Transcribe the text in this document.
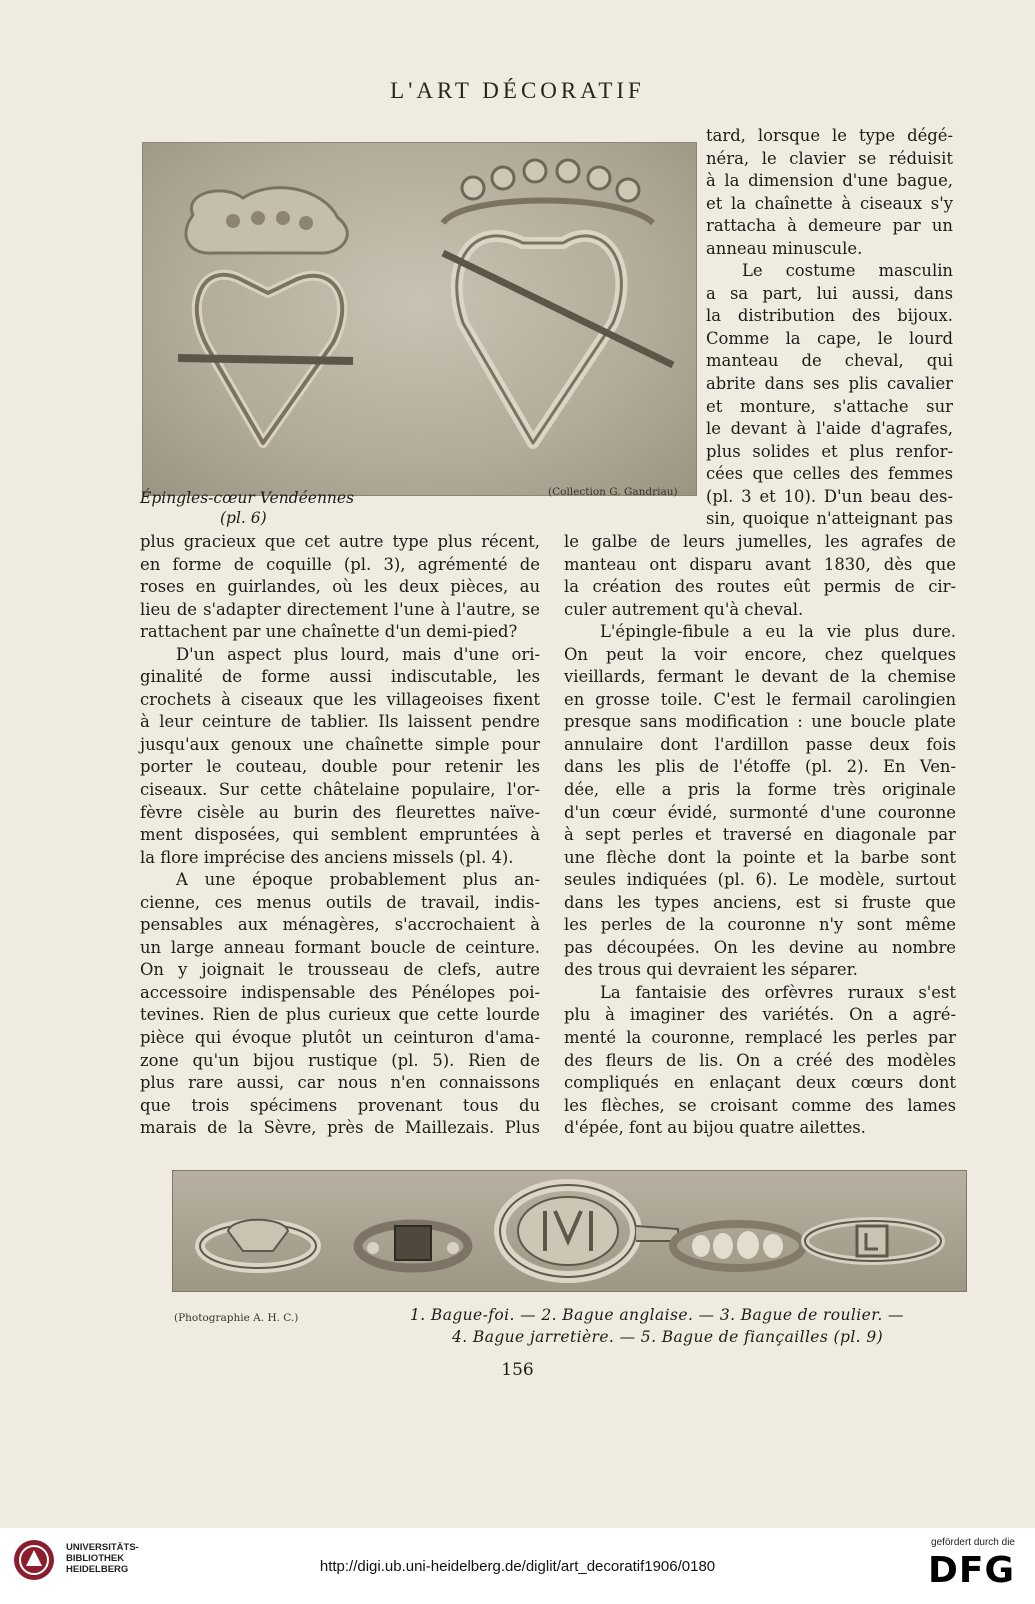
L'ART DÉCORATIF
Épingles-cœur Vendéennes
(pl. 6)
(Collection G. Gandriau)
tard, lorsque le type dégé-
néra, le clavier se réduisit
à la dimension d'une bague,
et la chaînette à ciseaux s'y
rattacha à demeure par un
anneau minuscule.
Le costume masculin
a sa part, lui aussi, dans
la distribution des bijoux.
Comme la cape, le lourd
manteau de cheval, qui
abrite dans ses plis cavalier
et monture, s'attache sur
le devant à l'aide d'agrafes,
plus solides et plus renfor-
cées que celles des femmes
(pl. 3 et 10). D'un beau des-
sin, quoique n'atteignant pas
plus gracieux que cet autre type plus récent,
en forme de coquille (pl. 3), agrémenté de
roses en guirlandes, où les deux pièces, au
lieu de s'adapter directement l'une à l'autre, se
rattachent par une chaînette d'un demi-pied?
D'un aspect plus lourd, mais d'une ori-
ginalité de forme aussi indiscutable, les
crochets à ciseaux que les villageoises fixent
à leur ceinture de tablier. Ils laissent pendre
jusqu'aux genoux une chaînette simple pour
porter le couteau, double pour retenir les
ciseaux. Sur cette châtelaine populaire, l'or-
fèvre cisèle au burin des fleurettes naïve-
ment disposées, qui semblent empruntées à
la flore imprécise des anciens missels (pl. 4).
A une époque probablement plus an-
cienne, ces menus outils de travail, indis-
pensables aux ménagères, s'accrochaient à
un large anneau formant boucle de ceinture.
On y joignait le trousseau de clefs, autre
accessoire indispensable des Pénélopes poi-
tevines. Rien de plus curieux que cette lourde
pièce qui évoque plutôt un ceinturon d'ama-
zone qu'un bijou rustique (pl. 5). Rien de
plus rare aussi, car nous n'en connaissons
que trois spécimens provenant tous du
marais de la Sèvre, près de Maillezais. Plus
le galbe de leurs jumelles, les agrafes de
manteau ont disparu avant 1830, dès que
la création des routes eût permis de cir-
culer autrement qu'à cheval.
L'épingle-fibule a eu la vie plus dure.
On peut la voir encore, chez quelques
vieillards, fermant le devant de la chemise
en grosse toile. C'est le fermail carolingien
presque sans modification : une boucle plate
annulaire dont l'ardillon passe deux fois
dans les plis de l'étoffe (pl. 2). En Ven-
dée, elle a pris la forme très originale
d'un cœur évidé, surmonté d'une couronne
à sept perles et traversé en diagonale par
une flèche dont la pointe et la barbe sont
seules indiquées (pl. 6). Le modèle, surtout
dans les types anciens, est si fruste que
les perles de la couronne n'y sont même
pas découpées. On les devine au nombre
des trous qui devraient les séparer.
La fantaisie des orfèvres ruraux s'est
plu à imaginer des variétés. On a agré-
menté la couronne, remplacé les perles par
des fleurs de lis. On a créé des modèles
compliqués en enlaçant deux cœurs dont
les flèches, se croisant comme des lames
d'épée, font au bijou quatre ailettes.
(Photographie A. H. C.)	1. Bague-foi. — 2. Bague anglaise. — 3. Bague de roulier. —
4. Bague jarretière. — 5. Bague de fiançailles (pl. 9)
156
UNIVERSITÄTS-
BIBLIOTHEK
HEIDELBERG	http://digi.ub.uni-heidelberg.de/diglit/art_decoratif1906/0180
gefördert durch die
DFG
